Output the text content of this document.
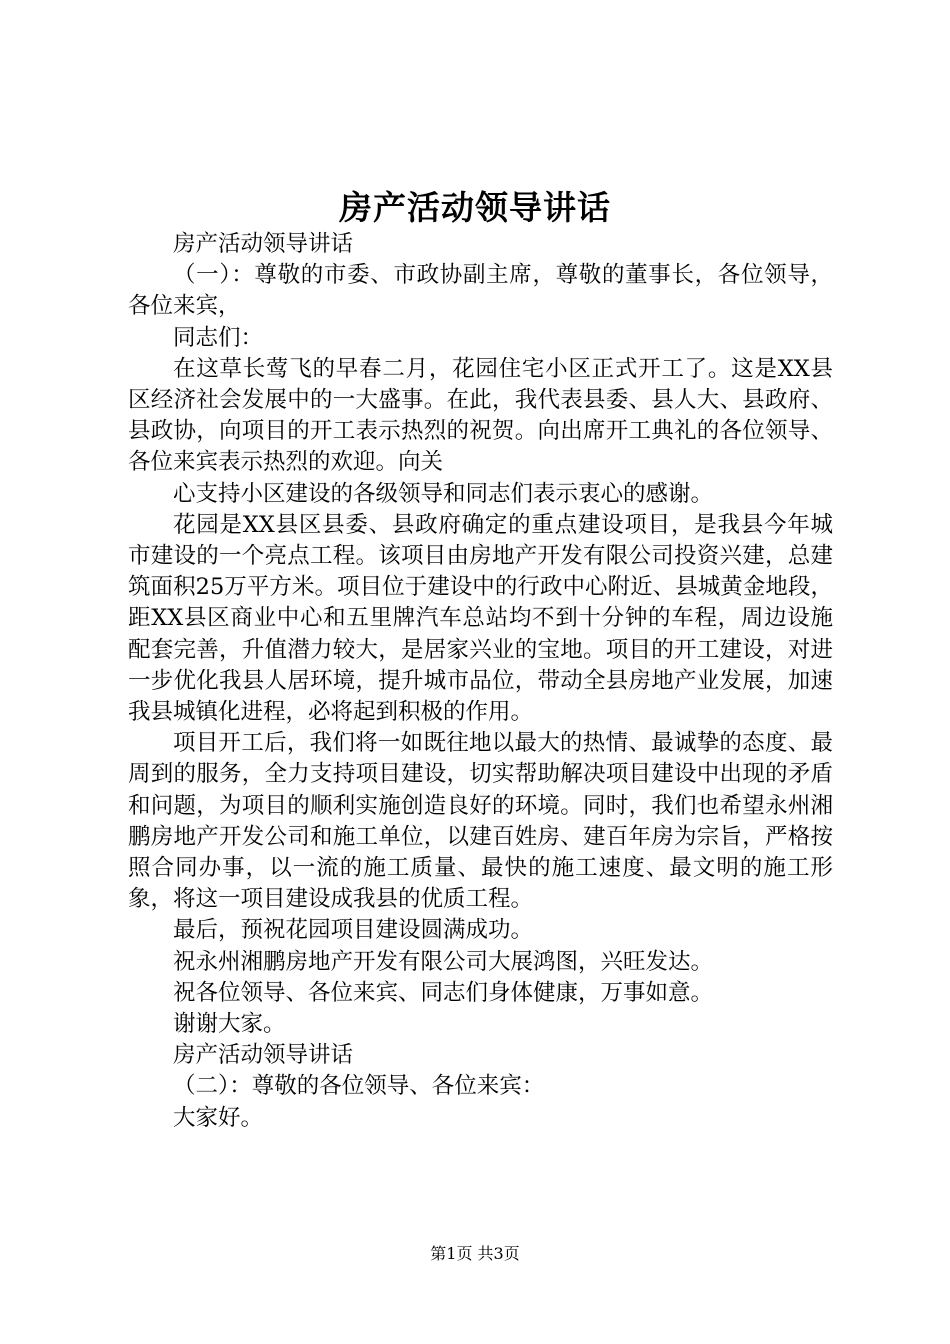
房产活动领导讲话

房产活动领导讲话

（一）：尊敬的市委、市政协副主席，尊敬的董事长，各位领导，各位来宾，

同志们：

在这草长莺飞的早春二月，花园住宅小区正式开工了。这是XX县区经济社会发展中的一大盛事。在此，我代表县委、县人大、县政府、县政协，向项目的开工表示热烈的祝贺。向出席开工典礼的各位领导、各位来宾表示热烈的欢迎。向关

心支持小区建设的各级领导和同志们表示衷心的感谢。

花园是XX县区县委、县政府确定的重点建设项目，是我县今年城市建设的一个亮点工程。该项目由房地产开发有限公司投资兴建，总建筑面积25万平方米。项目位于建设中的行政中心附近、县城黄金地段，距XX县区商业中心和五里牌汽车总站均不到十分钟的车程，周边设施配套完善，升值潜力较大，是居家兴业的宝地。项目的开工建设，对进一步优化我县人居环境，提升城市品位，带动全县房地产业发展，加速我县城镇化进程，必将起到积极的作用。

项目开工后，我们将一如既往地以最大的热情、最诚挚的态度、最周到的服务，全力支持项目建设，切实帮助解决项目建设中出现的矛盾和问题，为项目的顺利实施创造良好的环境。同时，我们也希望永州湘鹏房地产开发公司和施工单位，以建百姓房、建百年房为宗旨，严格按照合同办事，以一流的施工质量、最快的施工速度、最文明的施工形象，将这一项目建设成我县的优质工程。

最后，预祝花园项目建设圆满成功。

祝永州湘鹏房地产开发有限公司大展鸿图，兴旺发达。

祝各位领导、各位来宾、同志们身体健康，万事如意。

谢谢大家。

房产活动领导讲话

（二）：尊敬的各位领导、各位来宾：

大家好。

第1页 共3页
